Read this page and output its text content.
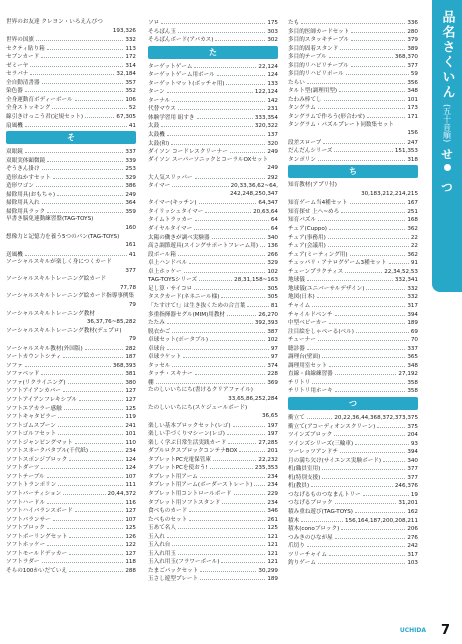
世界のお友達 クレヨン・いろえんぴつ
193,326
世界の国旗	332
セクティ貼り箱	113
セブンカード	172
ゼミーヤ	314
セラバナ	32,184
全自動清書器	357
染色器	352
全身運動育ボディーボール	106
全身ストッキング	52
線引きけっこう君(定規セット)	67,305
扇風機	41
そ
双眼鏡	337
双眼実体顕微鏡	339
ぞうきん掛け	253
造形ねかすセット	329
造形ワゴン	386
掃除用具(おもちゃ)	249
掃除用具入れ	364
掃除用具ラック	359
早書き脳免連動練習盤(TAG-TOYS)
160
想像力と記憶力を養う5つのパン(TAG-TOYS)
161
送風機	41
ソーシャルスキルが楽しく身につくカード
377
ソーシャルスキルトレーニング絵カード
77,78
ソーシャルスキルトレーニング絵カード指導事例集
79
ソーシャルスキルトレーニング教材
36,37,76~85,282
ソーシャルスキルトレーニング教材(デュプロ)
79
ソーシャルスキル教材(外国版)	282
ソートカウントシティ	187
ソファ	368,393
ソファベッド	381
ソファ(リクライニング)	380
ソフトアイアンカバー	127
ソフトアイアンフレキシブル	127
ソフトエアカラー感触	125
ソフトキャタピラー	119
ソフトゴムスプーン	241
ソフトゴルフセット	101
ソフトジャンピングマット	110
ソフトスネークパタブル(千代紙)	234
ソフトスポンジブロック	124
ソフトダーツ	124
ソフトテーブル	107
ソフトトランポリン	111
ソフトパーティション	20,44,372
ソフトハードル	116
ソフトハイバランスボード	127
ソフトバランサー	107
ソフトブロック	125
ソフトボーリングセット	126
ソフトホッケー	122
ソフトモールドデッカー	127
ソフトラダー	118
そらの100かいだていえ	288
ソロ	175
そろばん玉	303
そろばんボード(アバカス)	302
た
ターゲットゲーム	22,124
ターゲットゲーム用ボール	124
ターゲットマット(ボッチャ用)	133
ターン	122,124
ターナル	142
代替マウス	231
体験学習用 組すき	333,354
太鼓	320,322
太鼓機	137
太鼓(和)	320
ダイソン コードレスクリーナー	249
ダイソン スーパーソニックとコーラルOXセット
249
大人気スリッパー	292
タイマー	20,33,36,62~64,
242,248,250,347
タイマー(キッチン)	64,347
タイリッシュタイマー	20,63,64
タイムトラッカー	64
ダイヤルタイマー	64
太陽の働きが調べ実験器	340
高さ調節遊具(スイングサポートフレーム用) 136
段ボール箱	266
卓上ハンドベル	329
卓上ホッケー	102
TAG-TOYSシリーズ	28,31,158~163
足し算・サイコロ	305
タスクカード(ネネニール様)	305
「たすけて!」は生き抜くための合言葉	81
多重指揮器セグル(MIM)用教材	26,270
たたみ	392,393
脱衣かご	387
卓球セット(ポータブル)	102
卓球台	97
卓球ラケット	97
タッセル	374
タッチ・スキナー	228
棚	369
たのしいいちにち(書けるクリアファイル)
33,65,86,252,284
たのしいいちにち(スケジュールボード)
36,65
楽しい基本ブロックセット(レゴ)	197
楽しい手づくりマシーン(レゴ)	197
楽しく学ぶ日常生活実践カード	27,285
ダブルロクスブロックコンテナBOX	201
タブレットPC充電保管庫	22,232
タブレットPCを使おう!	235,353
タブレット用アーム	234
タブレット用アーム(ボーダーストレート)	234
タブレット用コントロールボード	229
タブレット用ソフトスタンド	234
食べものカード	346
たべものセット	261
玉あて名人	125
玉入れ	121
玉入れ台	121
玉入れ用玉	121
玉入れ用玉(フラワーボール)	121
たまごパックセット	30,299
玉さし遊型プレート	189
たも	336
多目的医師カードセット	280
多目的スタッキテーブル	379
多目的固着スタンド	389
多目的テーブル	368,370
多目的リハビリテーブル	377
多目的リハビリポール	59
たらい	356
タルト型(調理用型)	348
たわみ棒てし	101
タングラム	173
タングラムで作ろう(形合わせ)	171
タングラム・パズルプレート同数集セット
156
段差スロープ	247
だんだんシリーズ	151,353
タンポリン	318
ち
知育教材(アプリ付)
30,183,212,214,215
知育ゲーム当4種セット	167
知育探せ 上へ~めろ	251
知育パズル	168
チェア(Cuppo)	362
チェア(事務用)	22
チェア(会議用)	22
チェア(ミーティング用)	362
チェッパリ・アナログゲーム3種セット	91
チェーンプラクティス	22,34,52,53
地球儀	332,341
地球儀(ユニバーサルデザイン)	332
地図(日本)	332
チャイム	317
チャイルドベンチ	394
中型ベビーカー	189
注目絵をしゃべーる(ベル)	69
チューナー	70
聴診器	337
調理台(壁面)	365
調理用室セット	348
直線・曲線練習器	27,192
チリトリ	358
チリトリ用ホーキ	358
つ
衝立て	20,22,36,44,368,372,373,375
衝立て(アコーディオンスクリーン)	375
ツインズブロック	204
ツインズシリーズ(三輪車)	93
ツーレッツアンドチ	394
月の満ち欠け(サイエンス実験ボード)	340
机(職員室用)	377
机(特別支援)	377
机(教員)	246,376
つなげるものつなまんトリー	19
つなげるブロック	31,201
積み重ね遊び(TAG-TOYS)	162
積木	156,164,187,200,208,211
積木(conoブロック)	206
つみきのひなが屋	276
爪切り	242
ツリーチャイム	317
釣りゲーム	103
品名さくいん
(五十音順)
せ
つ
UCHIDA 7
